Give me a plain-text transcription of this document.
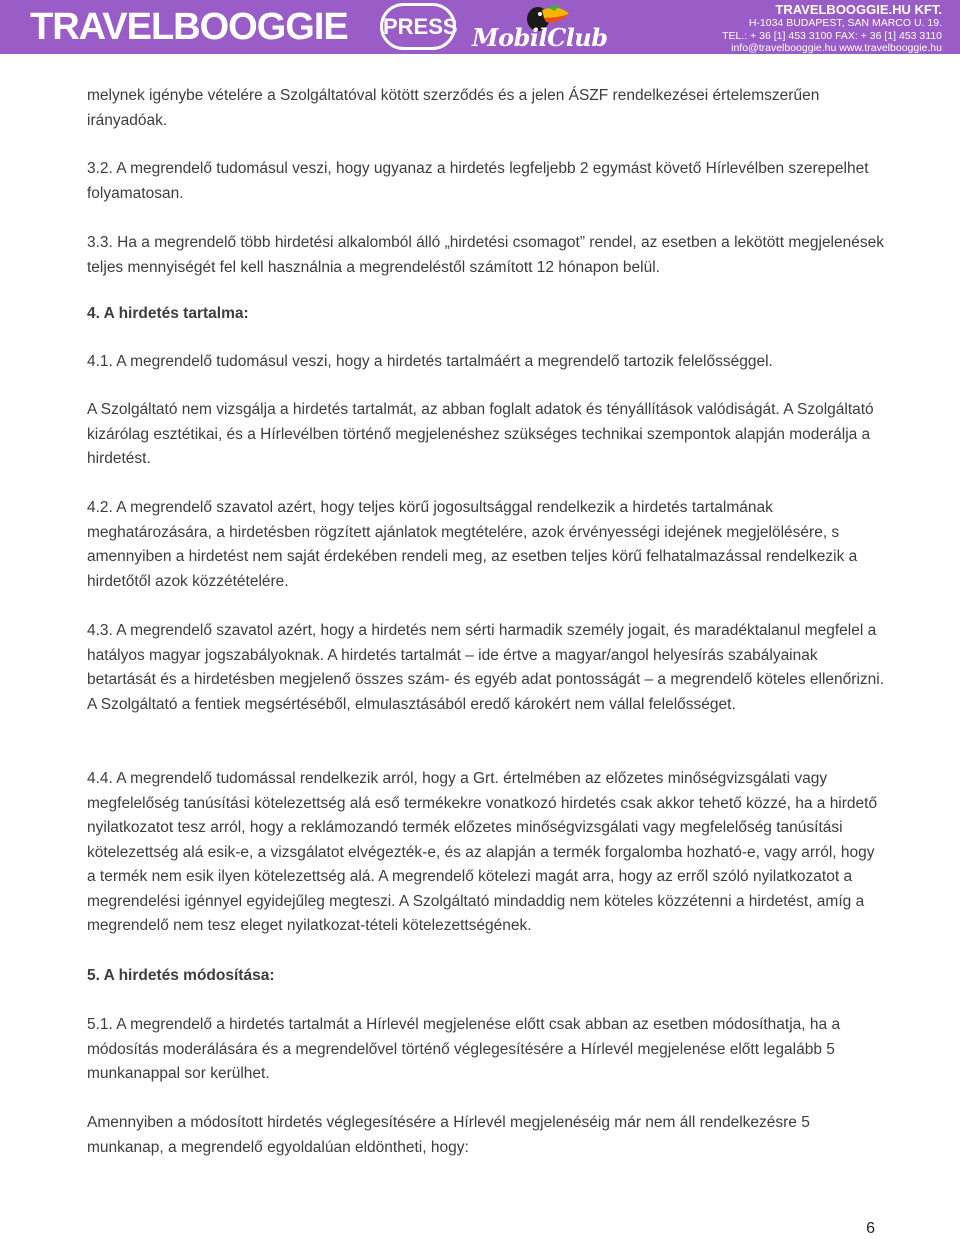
TRAVELBOOGGIE PRESS MobilClub
TRAVELBOOGGIE.HU KFT.
H-1034 BUDAPEST, SAN MARCO U. 19.
TEL.: + 36 [1] 453 3100 FAX: + 36 [1] 453 3110
info@travelbooggie.hu www.travelbooggie.hu

melynek igénybe vételére a Szolgáltatóval kötött szerződés és a jelen ÁSZF rendelkezései értelemszerűen irányadóak.

3.2. A megrendelő tudomásul veszi, hogy ugyanaz a hirdetés legfeljebb 2 egymást követő Hírlevélben szerepelhet folyamatosan.

3.3. Ha a megrendelő több hirdetési alkalomból álló „hirdetési csomagot” rendel, az esetben a lekötött megjelenések teljes mennyiségét fel kell használnia a megrendeléstől számított 12 hónapon belül.

4. A hirdetés tartalma:

4.1. A megrendelő tudomásul veszi, hogy a hirdetés tartalmáért a megrendelő tartozik felelősséggel.

A Szolgáltató nem vizsgálja a hirdetés tartalmát, az abban foglalt adatok és tényállítások valódiságát. A Szolgáltató kizárólag esztétikai, és a Hírlevélben történő megjelenéshez szükséges technikai szempontok alapján moderálja a hirdetést.

4.2. A megrendelő szavatol azért, hogy teljes körű jogosultsággal rendelkezik a hirdetés tartalmának meghatározására, a hirdetésben rögzített ajánlatok megtételére, azok érvényességi idejének megjelölésére, s amennyiben a hirdetést nem saját érdekében rendeli meg, az esetben teljes körű felhatalmazással rendelkezik a hirdetőtől azok közzétételére.

4.3. A megrendelő szavatol azért, hogy a hirdetés nem sérti harmadik személy jogait, és maradéktalanul megfelel a hatályos magyar jogszabályoknak. A hirdetés tartalmát – ide értve a magyar/angol helyesírás szabályainak betartását és a hirdetésben megjelenő összes szám- és egyéb adat pontosságát – a megrendelő köteles ellenőrizni. A Szolgáltató a fentiek megsértéséből, elmulasztásából eredő károkért nem vállal felelősséget.

4.4. A megrendelő tudomással rendelkezik arról, hogy a Grt. értelmében az előzetes minőségvizsgálati vagy megfelelőség tanúsítási kötelezettség alá eső termékekre vonatkozó hirdetés csak akkor tehető közzé, ha a hirdető nyilatkozatot tesz arról, hogy a reklámozandó termék előzetes minőségvizsgálati vagy megfelelőség tanúsítási kötelezettség alá esik-e, a vizsgálatot elvégezték-e, és az alapján a termék forgalomba hozható-e, vagy arról, hogy a termék nem esik ilyen kötelezettség alá. A megrendelő kötelezi magát arra, hogy az erről szóló nyilatkozatot a megrendelési igénnyel egyidejűleg megteszi. A Szolgáltató mindaddig nem köteles közzétenni a hirdetést, amíg a megrendelő nem tesz eleget nyilatkozat-tételi kötelezettségének.

5. A hirdetés módosítása:

5.1. A megrendelő a hirdetés tartalmát a Hírlevél megjelenése előtt csak abban az esetben módosíthatja, ha a módosítás moderálására és a megrendelővel történő véglegesítésére a Hírlevél megjelenése előtt legalább 5 munkanappal sor kerülhet.

Amennyiben a módosított hirdetés véglegesítésére a Hírlevél megjelenéséig már nem áll rendelkezésre 5 munkanap, a megrendelő egyoldalúan eldöntheti, hogy:

6
